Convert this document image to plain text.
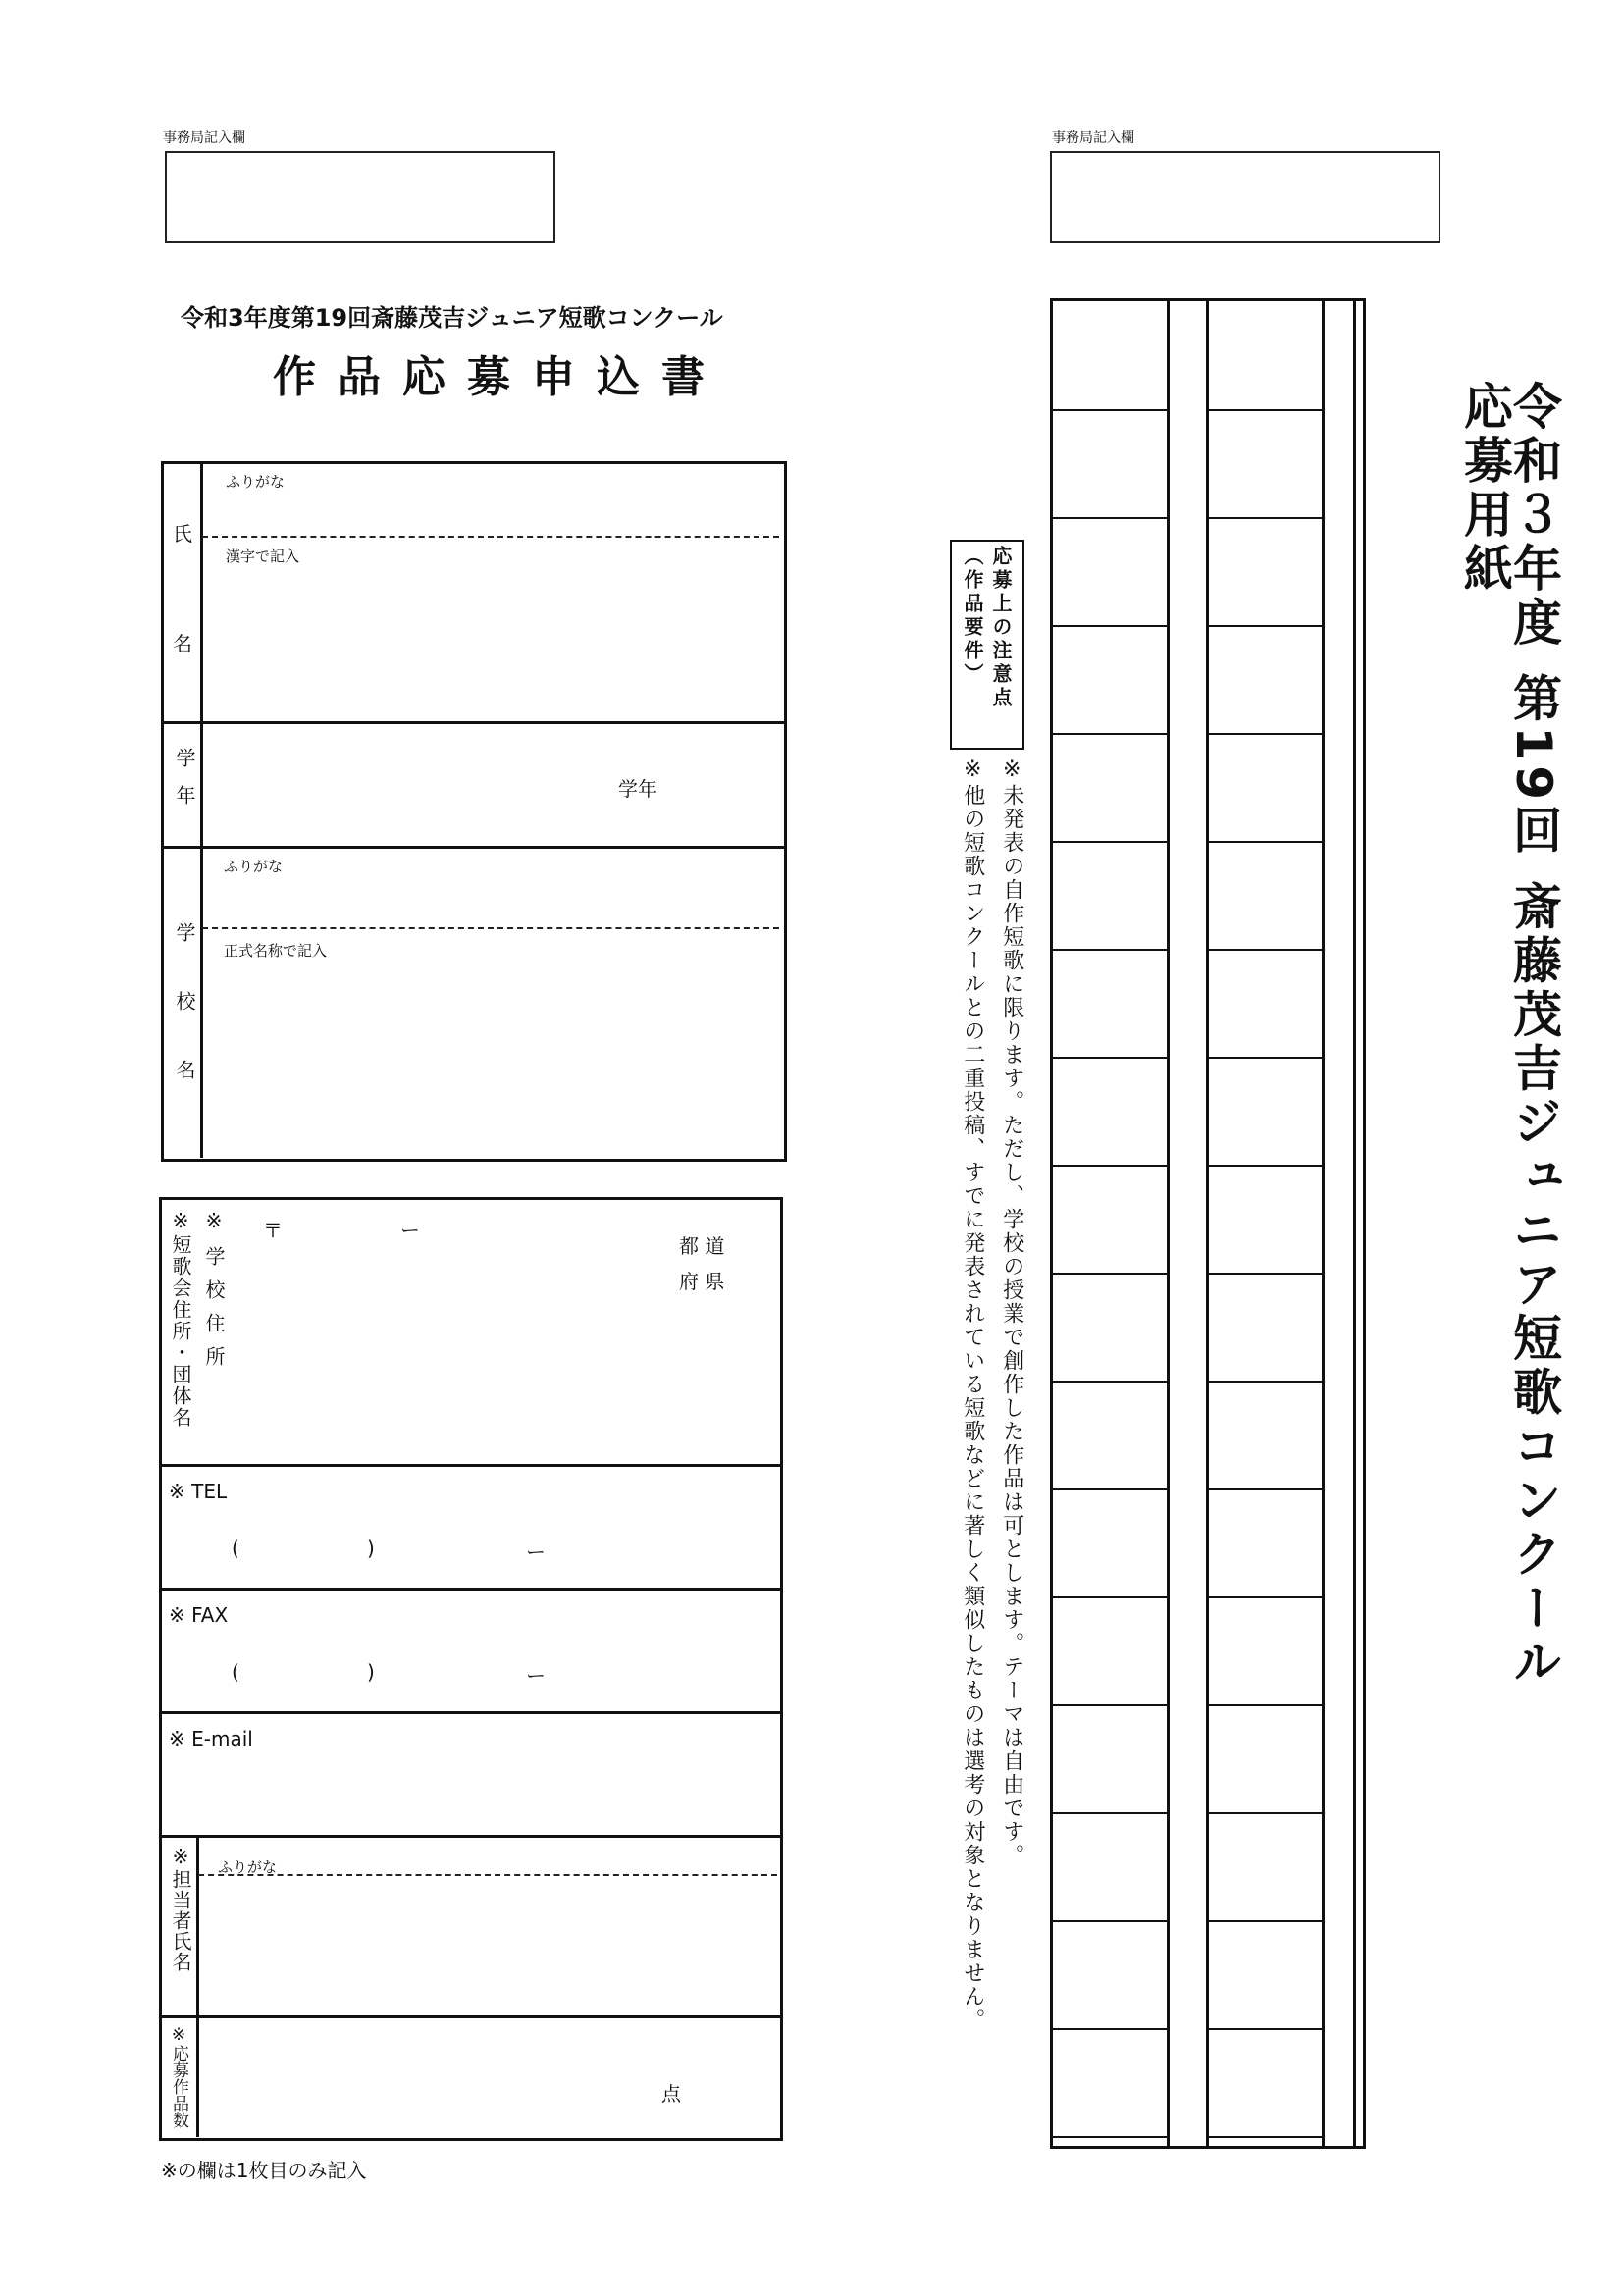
事務局記入欄
令和3年度第19回斎藤茂吉ジュニア短歌コンクール
作品応募申込書
氏
名
ふりがな
漢字で記入
学年	学年
学校名
ふりがな
正式名称で記入
※短歌会住所・団体名 ※学校住所 〒	ー
都 道
府 県
※ TEL
(	)	ー
※ FAX
(	)	ー
※ E-mail
※担当者氏名 ふりがな
※応募作品数	点
※の欄は1枚目のみ記入
事務局記入欄
応募上の注意点（作品要件）
※未発表の自作短歌に限ります。ただし、学校の授業で創作した作品は可とします。テーマは自由です。
※他の短歌コンクールとの二重投稿、すでに発表されている短歌などに著しく類似したものは選考の対象となりません。	令和３年度 第19回 斎藤茂吉ジュニア短歌コンクール応募用紙
